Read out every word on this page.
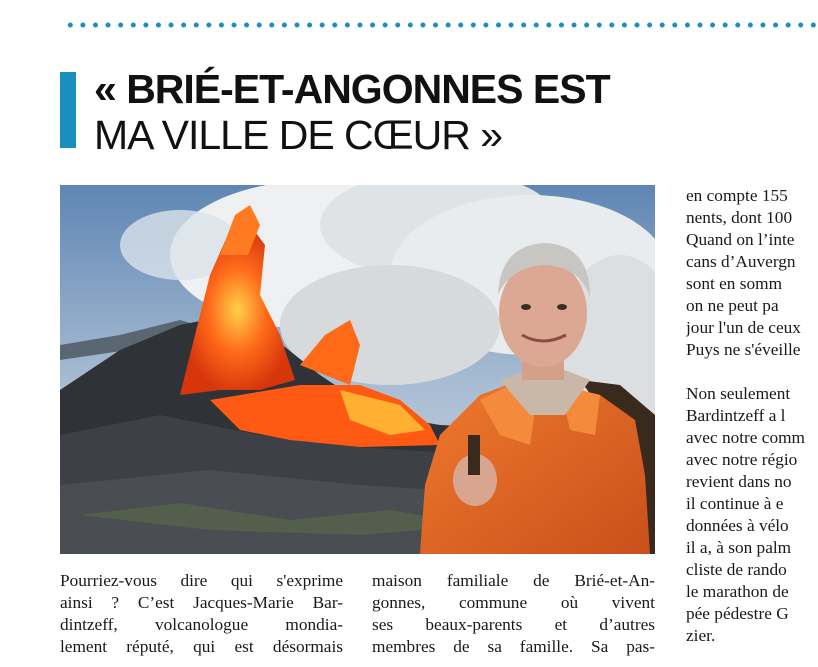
« BRIÉ-ET-ANGONNES EST
MA VILLE DE CŒUR »
Pourriez-vous dire qui s'exprime
ainsi ? C’est Jacques-Marie Bar-
dintzeff, volcanologue mondia-
lement réputé, qui est désormais
maison familiale de Brié-et-An-
gonnes, commune où vivent
ses beaux-parents et d’autres
membres de sa famille. Sa pas-
en compte 155
nents, dont 100
Quand on l’inte
cans d’Auvergn
sont en somm
on ne peut pa
jour l'un de ceux
Puys ne s'éveille
Non seulement
Bardintzeff a l
avec notre comm
avec notre régio
revient dans no
il continue à e
données à vélo
il a, à son palm
cliste de rando
le marathon de
pée pédestre G
zier.
